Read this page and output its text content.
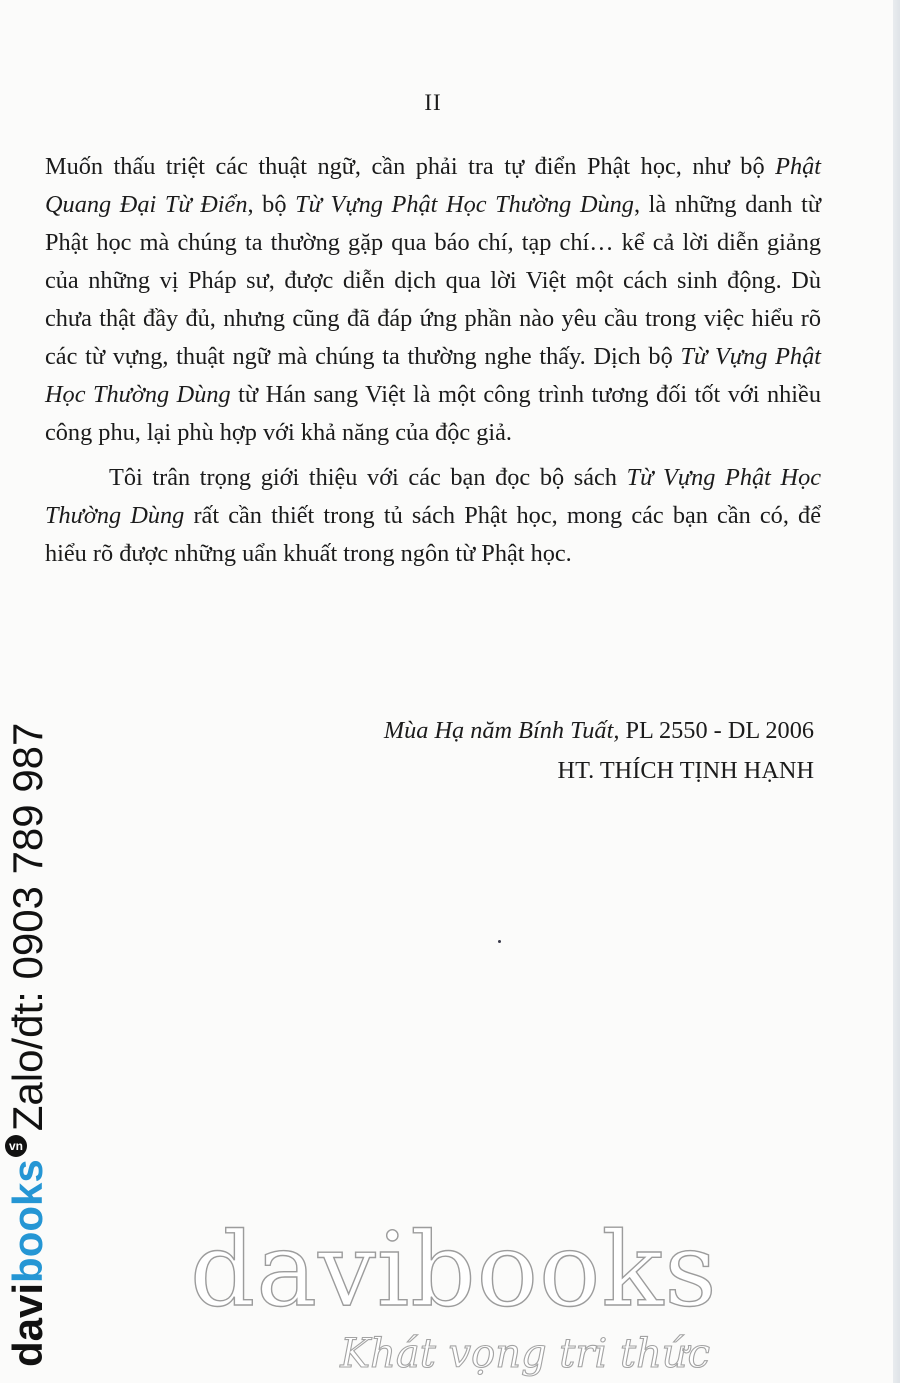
II

Muốn thấu triệt các thuật ngữ, cần phải tra tự điển Phật học, như bộ Phật Quang Đại Từ Điển, bộ Từ Vựng Phật Học Thường Dùng, là những danh từ Phật học mà chúng ta thường gặp qua báo chí, tạp chí… kể cả lời diễn giảng của những vị Pháp sư, được diễn dịch qua lời Việt một cách sinh động. Dù chưa thật đầy đủ, nhưng cũng đã đáp ứng phần nào yêu cầu trong việc hiểu rõ các từ vựng, thuật ngữ mà chúng ta thường nghe thấy. Dịch bộ Từ Vựng Phật Học Thường Dùng từ Hán sang Việt là một công trình tương đối tốt với nhiều công phu, lại phù hợp với khả năng của độc giả.

Tôi trân trọng giới thiệu với các bạn đọc bộ sách Từ Vựng Phật Học Thường Dùng rất cần thiết trong tủ sách Phật học, mong các bạn cần có, để hiểu rõ được những uẩn khuất trong ngôn từ Phật học.

Mùa Hạ năm Bính Tuất, PL 2550 - DL 2006
HT. THÍCH TỊNH HẠNH
davibooksvnZalo/đt: 0903 789 987
davibooks
Khát vọng tri thức
